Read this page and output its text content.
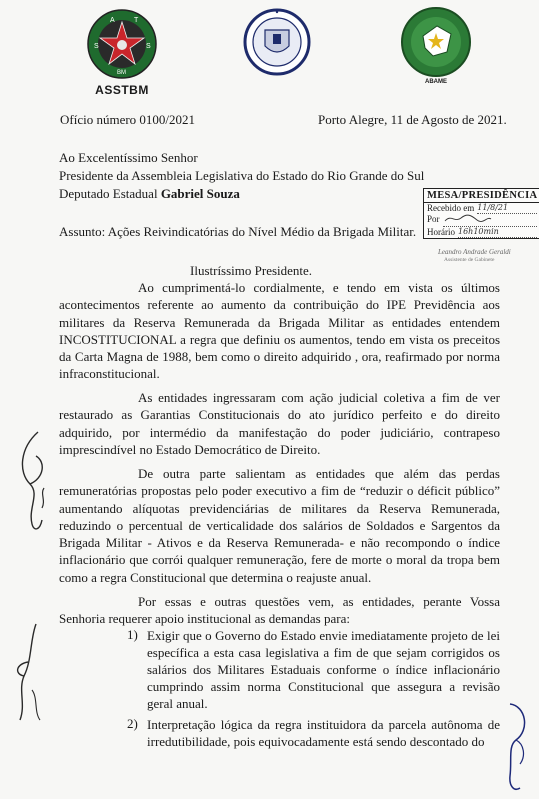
A
S	S
T
BM
ASSTBM
ABAME
Ofício número 0100/2021	Porto Alegre, 11 de Agosto de 2021.
Ao Excelentíssimo Senhor
Presidente da Assembleia Legislativa do Estado do Rio Grande do Sul
Deputado Estadual Gabriel Souza
Assunto: Ações Reivindicatórias do Nível Médio da Brigada Militar.
MESA/PRESIDÊNCIA
Recebido em 11/8/21
Por
Horário 16h10min
Leandro Andrade Geraldi
Assistente de Gabinete
Ilustríssimo Presidente.
Ao cumprimentá-lo cordialmente, e tendo em vista os últimos acontecimentos referente ao aumento da contribuição do IPE Previdência aos militares da Reserva Remunerada da Brigada Militar as entidades entendem INCOSTITUCIONAL a regra que definiu os aumentos, tendo em vista os preceitos da Carta Magna de 1988, bem como o direito adquirido , ora, reafirmado por norma infraconstitucional.
As entidades ingressaram com ação judicial coletiva a fim de ver restaurado as Garantias Constitucionais do ato jurídico perfeito e do direito adquirido, por intermédio da manifestação do poder judiciário, contrapeso imprescindível no Estado Democrático de Direito.
De outra parte salientam as entidades que além das perdas remuneratórias propostas pelo poder executivo a fim de “reduzir o déficit público” aumentando alíquotas previdenciárias de militares da Reserva Remunerada, reduzindo o percentual de verticalidade dos salários de Soldados e Sargentos da Brigada Militar - Ativos e da Reserva Remunerada- e não recompondo o índice inflacionário que corrói qualquer remuneração, fere de morte o moral da tropa bem como a regra Constitucional que determina o reajuste anual.
Por essas e outras questões vem, as entidades, perante Vossa Senhoria requerer apoio institucional as demandas para:
1) Exigir que o Governo do Estado envie imediatamente projeto de lei específica a esta casa legislativa a fim de que sejam corrigidos os salários dos Militares Estaduais conforme o índice inflacionário cumprindo assim norma Constitucional que assegura a revisão geral anual.
2) Interpretação lógica da regra instituidora da parcela autônoma de irredutibilidade, pois equivocadamente está sendo descontado do
